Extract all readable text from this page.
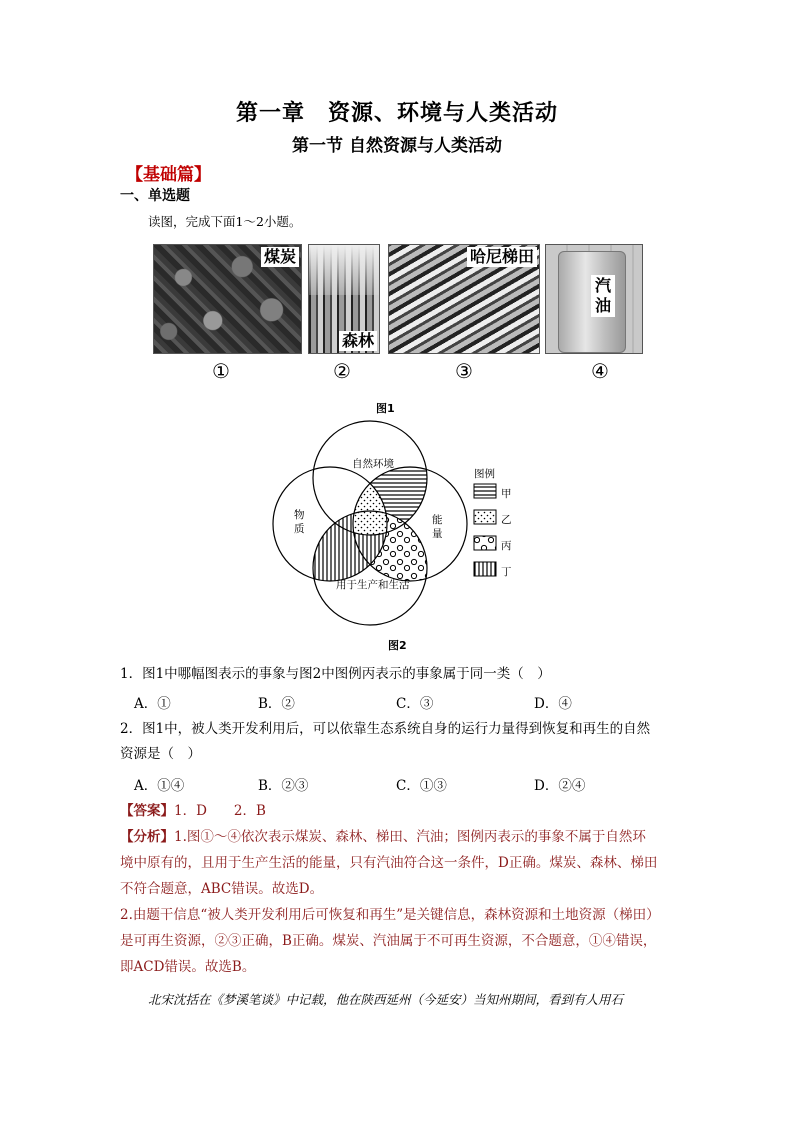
第一章　资源、环境与人类活动
第一节 自然资源与人类活动
【基础篇】
一、单选题
读图，完成下面1～2小题。
煤炭
森林
哈尼梯田
汽油
①	②	③	④
图1
自然环境
物质
能量
用于生产和生活
图例
甲
乙
丙
丁
图2
1．图1中哪幅图表示的事象与图2中图例丙表示的事象属于同一类（　）
A．①	B．②	C．③	D．④
2．图1中，被人类开发利用后，可以依靠生态系统自身的运行力量得到恢复和再生的自然
资源是（　）
A．①④	B．②③	C．①③	D．②④
【答案】1．D　　2．B
【分析】1.图①～④依次表示煤炭、森林、梯田、汽油；图例丙表示的事象不属于自然环
境中原有的，且用于生产生活的能量，只有汽油符合这一条件，D正确。煤炭、森林、梯田
不符合题意，ABC错误。故选D。
2.由题干信息“被人类开发利用后可恢复和再生”是关键信息，森林资源和土地资源（梯田）
是可再生资源，②③正确，B正确。煤炭、汽油属于不可再生资源，不合题意，①④错误，
即ACD错误。故选B。
北宋沈括在《梦溪笔谈》中记载，他在陕西延州（今延安）当知州期间，看到有人用石
